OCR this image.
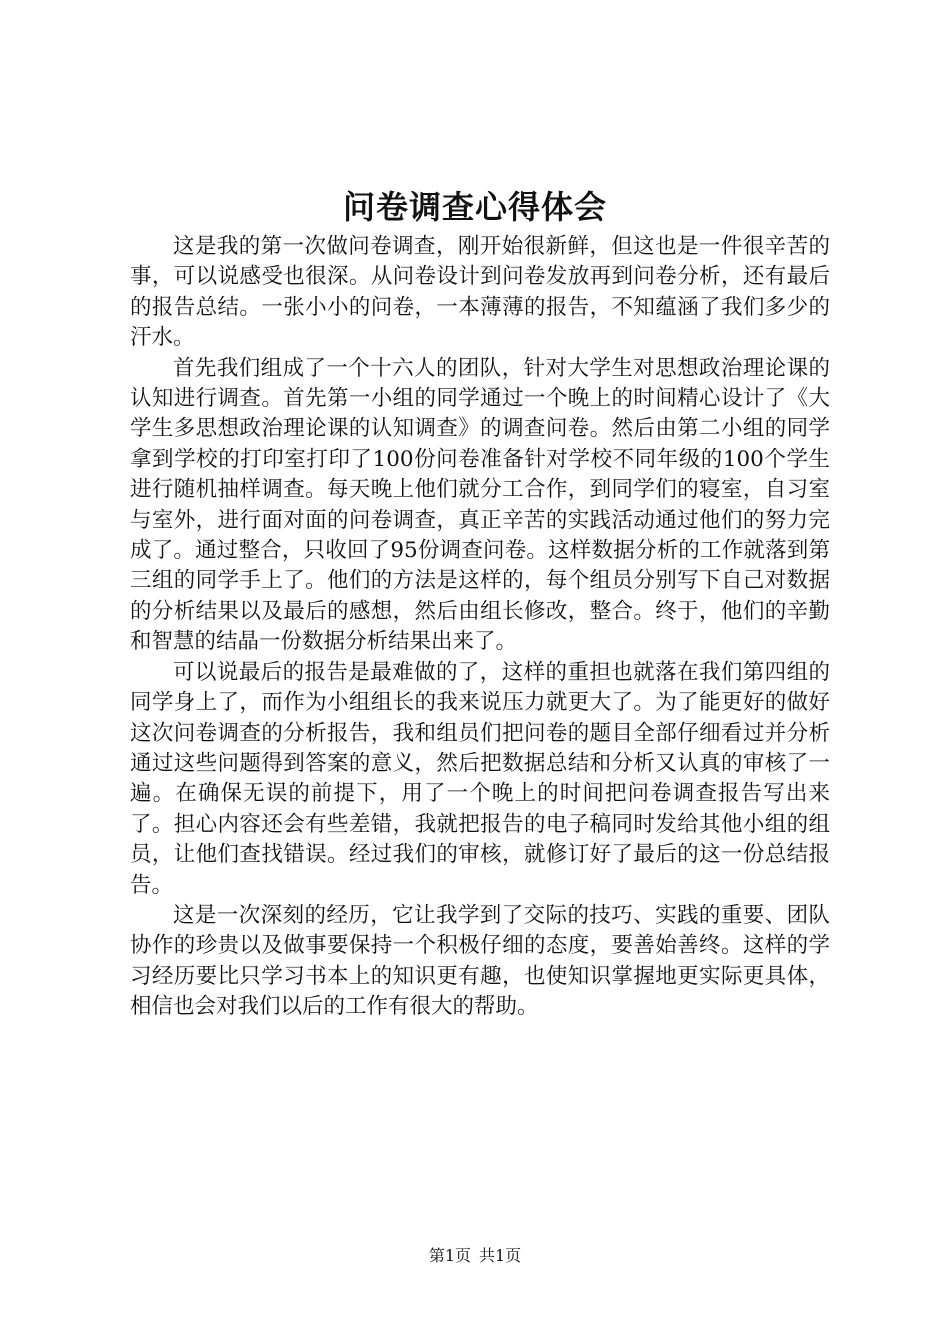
问卷调查心得体会

这是我的第一次做问卷调查，刚开始很新鲜，但这也是一件很辛苦的事，可以说感受也很深。从问卷设计到问卷发放再到问卷分析，还有最后的报告总结。一张小小的问卷，一本薄薄的报告，不知蕴涵了我们多少的汗水。

首先我们组成了一个十六人的团队，针对大学生对思想政治理论课的认知进行调查。首先第一小组的同学通过一个晚上的时间精心设计了《大学生多思想政治理论课的认知调查》的调查问卷。然后由第二小组的同学拿到学校的打印室打印了100份问卷准备针对学校不同年级的100个学生进行随机抽样调查。每天晚上他们就分工合作，到同学们的寝室，自习室与室外，进行面对面的问卷调查，真正辛苦的实践活动通过他们的努力完成了。通过整合，只收回了95份调查问卷。这样数据分析的工作就落到第三组的同学手上了。他们的方法是这样的，每个组员分别写下自己对数据的分析结果以及最后的感想，然后由组长修改，整合。终于，他们的辛勤和智慧的结晶一份数据分析结果出来了。

可以说最后的报告是最难做的了，这样的重担也就落在我们第四组的同学身上了，而作为小组组长的我来说压力就更大了。为了能更好的做好这次问卷调查的分析报告，我和组员们把问卷的题目全部仔细看过并分析通过这些问题得到答案的意义，然后把数据总结和分析又认真的审核了一遍。在确保无误的前提下，用了一个晚上的时间把问卷调查报告写出来了。担心内容还会有些差错，我就把报告的电子稿同时发给其他小组的组员，让他们查找错误。经过我们的审核，就修订好了最后的这一份总结报告。

这是一次深刻的经历，它让我学到了交际的技巧、实践的重要、团队协作的珍贵以及做事要保持一个积极仔细的态度，要善始善终。这样的学习经历要比只学习书本上的知识更有趣，也使知识掌握地更实际更具体，相信也会对我们以后的工作有很大的帮助。

第1页 共1页
